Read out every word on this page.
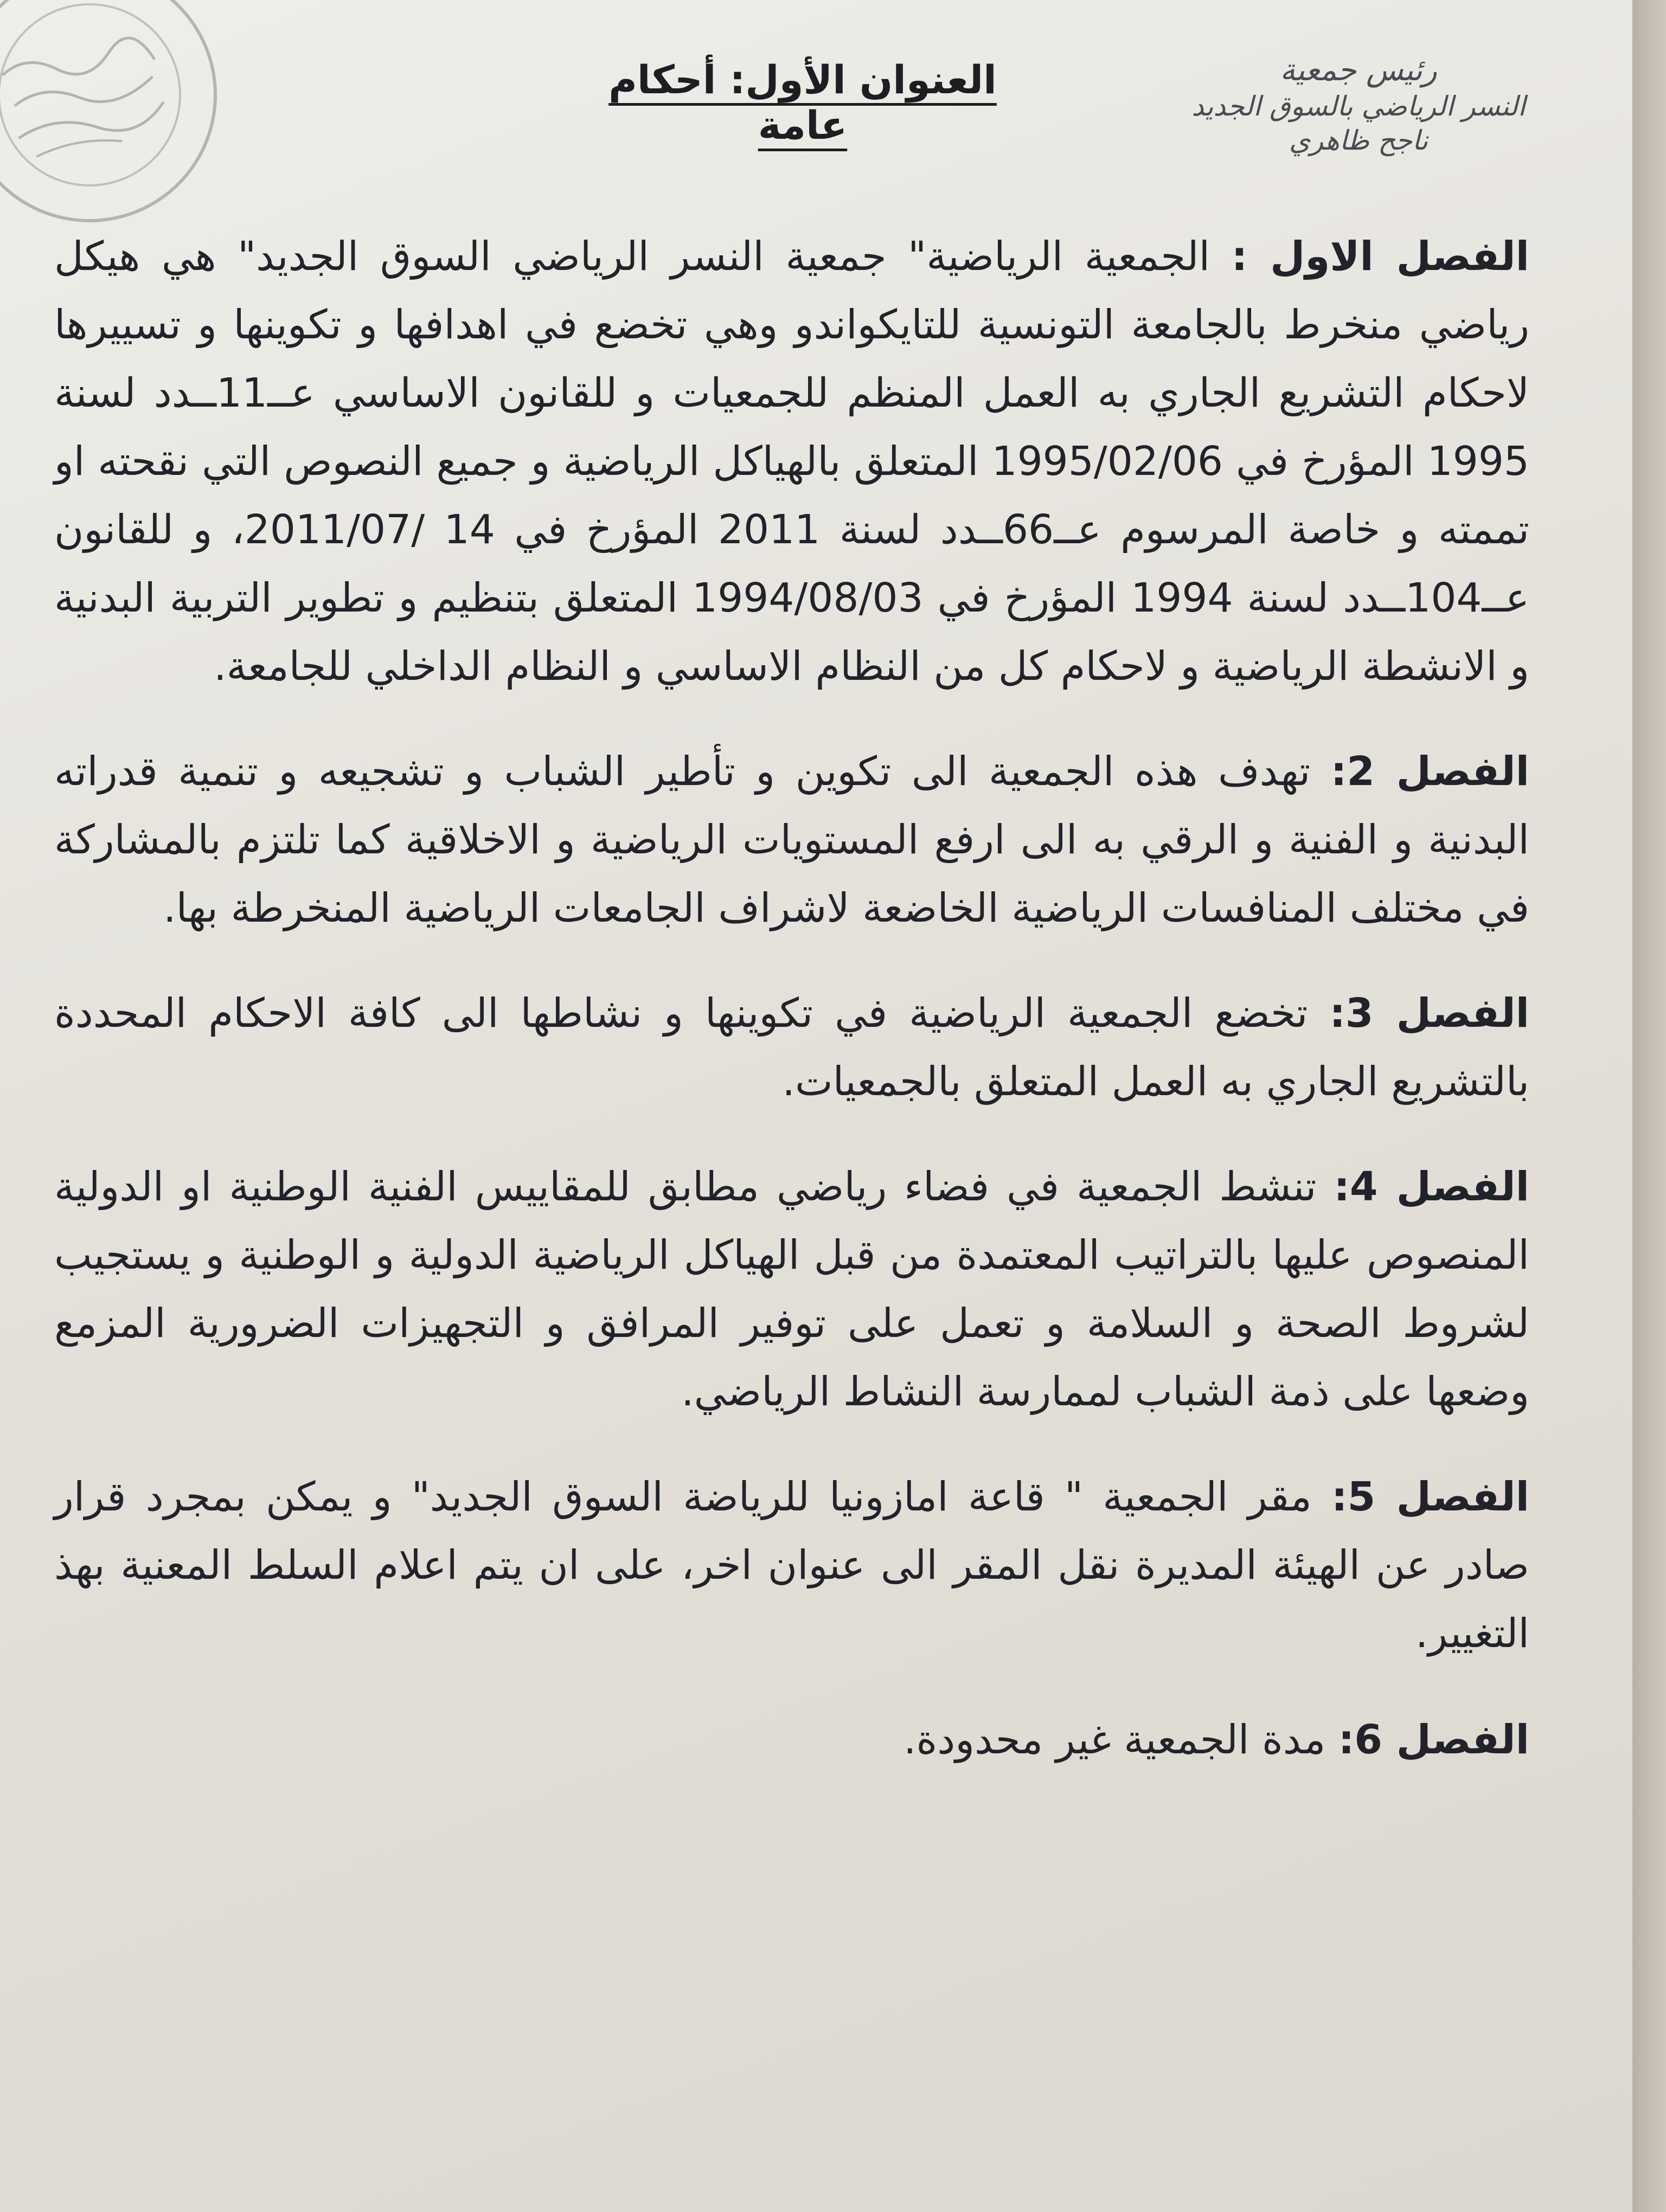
رئيس جمعية
النسر الرياضي بالسوق الجديد
ناجح ظاهري
العنوان الأول: أحكام عامة

الفصل الاول : الجمعية الرياضية" جمعية النسر الرياضي السوق الجديد" هي هيكل رياضي منخرط بالجامعة التونسية للتايكواندو وهي تخضع في اهدافها و تكوينها و تسييرها لاحكام التشريع الجاري به العمل المنظم للجمعيات و للقانون الاساسي عــ11ــدد لسنة 1995 المؤرخ في 1995/02/06 المتعلق بالهياكل الرياضية و جميع النصوص التي نقحته او تممته و خاصة المرسوم عــ66ــدد لسنة 2011 المؤرخ في 14 /2011/07، و للقانون عــ104ــدد لسنة 1994 المؤرخ في 1994/08/03 المتعلق بتنظيم و تطوير التربية البدنية و الانشطة الرياضية و لاحكام كل من النظام الاساسي و النظام الداخلي للجامعة.

الفصل 2: تهدف هذه الجمعية الى تكوين و تأطير الشباب و تشجيعه و تنمية قدراته البدنية و الفنية و الرقي به الى ارفع المستويات الرياضية و الاخلاقية كما تلتزم بالمشاركة في مختلف المنافسات الرياضية الخاضعة لاشراف الجامعات الرياضية المنخرطة بها.

الفصل 3: تخضع الجمعية الرياضية في تكوينها و نشاطها الى كافة الاحكام المحددة بالتشريع الجاري به العمل المتعلق بالجمعيات.

الفصل 4: تنشط الجمعية في فضاء رياضي مطابق للمقاييس الفنية الوطنية او الدولية المنصوص عليها بالتراتيب المعتمدة من قبل الهياكل الرياضية الدولية و الوطنية و يستجيب لشروط الصحة و السلامة و تعمل على توفير المرافق و التجهيزات الضرورية المزمع وضعها على ذمة الشباب لممارسة النشاط الرياضي.

الفصل 5: مقر الجمعية " قاعة امازونيا للرياضة السوق الجديد" و يمكن بمجرد قرار صادر عن الهيئة المديرة نقل المقر الى عنوان اخر، على ان يتم اعلام السلط المعنية بهذ التغيير.

الفصل 6: مدة الجمعية غير محدودة.
